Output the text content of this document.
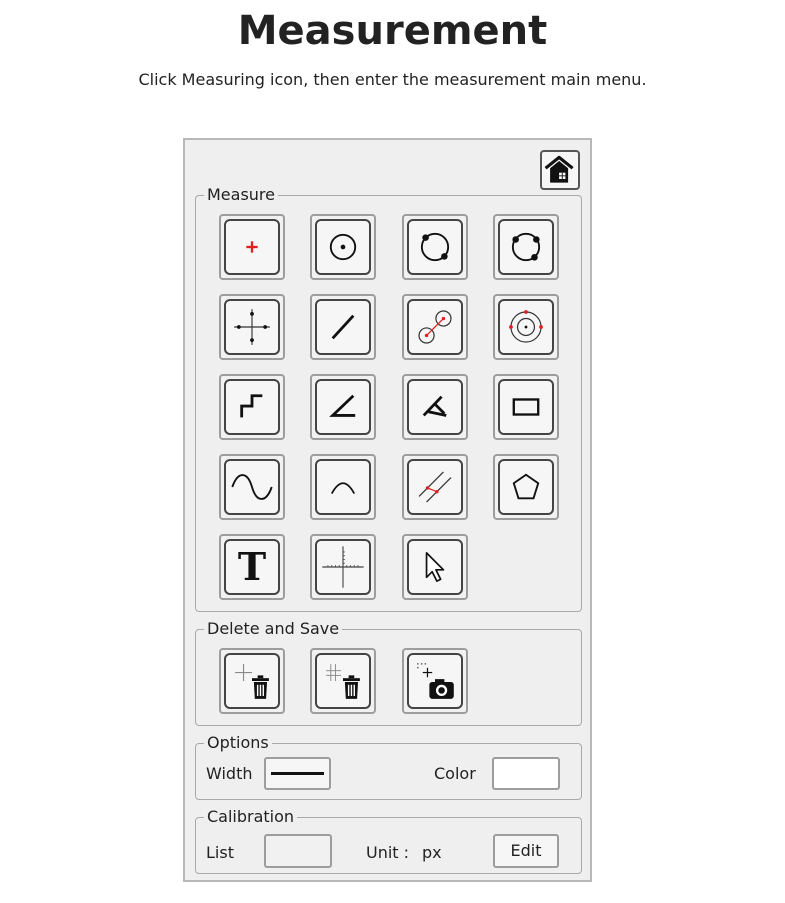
Measurement
Click Measuring icon, then enter the measurement main menu.
Measure
T
Delete and Save
Options
Width	Color
Calibration
List	Unit : px	Edit
